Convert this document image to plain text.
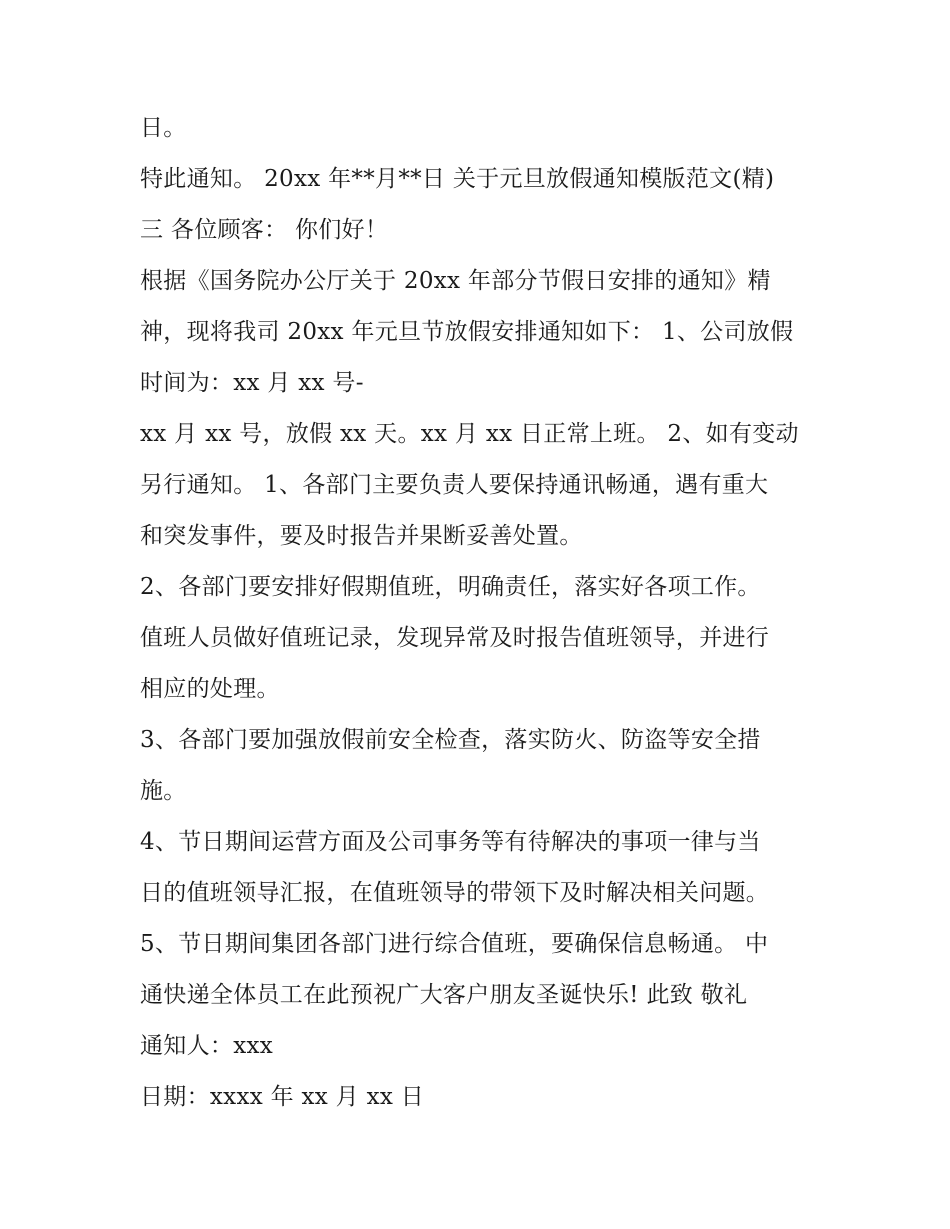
日。
特此通知。 20xx 年**月**日 关于元旦放假通知模版范文(精)
三 各位顾客： 你们好！
根据《国务院办公厅关于 20xx 年部分节假日安排的通知》精
神，现将我司 20xx 年元旦节放假安排通知如下： 1、公司放假
时间为：xx 月 xx 号-
xx 月 xx 号，放假 xx 天。xx 月 xx 日正常上班。 2、如有变动
另行通知。 1、各部门主要负责人要保持通讯畅通，遇有重大
和突发事件，要及时报告并果断妥善处置。
2、各部门要安排好假期值班，明确责任，落实好各项工作。
值班人员做好值班记录，发现异常及时报告值班领导，并进行
相应的处理。
3、各部门要加强放假前安全检查，落实防火、防盗等安全措
施。
4、节日期间运营方面及公司事务等有待解决的事项一律与当
日的值班领导汇报，在值班领导的带领下及时解决相关问题。
5、节日期间集团各部门进行综合值班，要确保信息畅通。 中
通快递全体员工在此预祝广大客户朋友圣诞快乐! 此致 敬礼
通知人：xxx
日期：xxxx 年 xx 月 xx 日
